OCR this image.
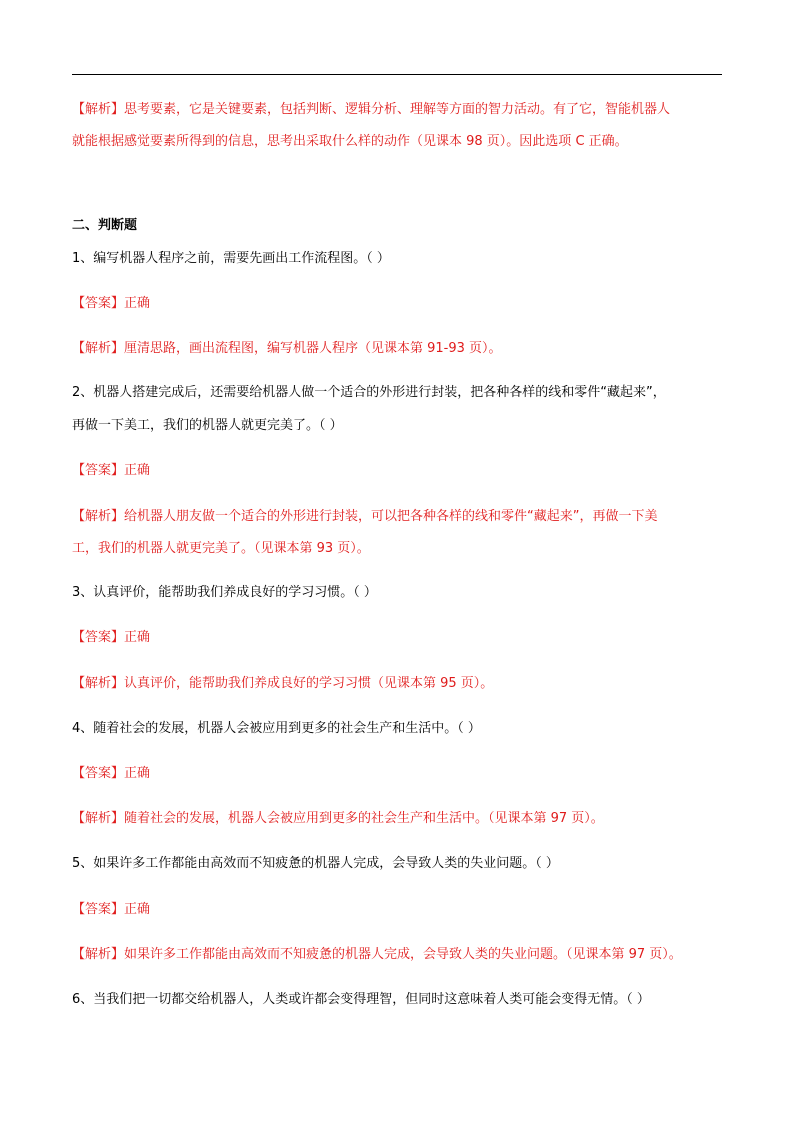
【解析】思考要素，它是关键要素，包括判断、逻辑分析、理解等方面的智力活动。有了它，智能机器人
就能根据感觉要素所得到的信息，思考出采取什么样的动作（见课本 98 页）。因此选项 C 正确。
二、判断题
1、编写机器人程序之前，需要先画出工作流程图。（ ）
【答案】正确
【解析】厘清思路，画出流程图，编写机器人程序（见课本第 91-93 页）。
2、机器人搭建完成后，还需要给机器人做一个适合的外形进行封装，把各种各样的线和零件“藏起来”，
再做一下美工，我们的机器人就更完美了。（ ）
【答案】正确
【解析】给机器人朋友做一个适合的外形进行封装，可以把各种各样的线和零件“藏起来”，再做一下美
工，我们的机器人就更完美了。（见课本第 93 页）。
3、认真评价，能帮助我们养成良好的学习习惯。（ ）
【答案】正确
【解析】认真评价，能帮助我们养成良好的学习习惯（见课本第 95 页）。
4、随着社会的发展，机器人会被应用到更多的社会生产和生活中。（ ）
【答案】正确
【解析】随着社会的发展，机器人会被应用到更多的社会生产和生活中。（见课本第 97 页）。
5、如果许多工作都能由高效而不知疲惫的机器人完成，会导致人类的失业问题。（ ）
【答案】正确
【解析】如果许多工作都能由高效而不知疲惫的机器人完成，会导致人类的失业问题。（见课本第 97 页）。
6、当我们把一切都交给机器人，人类或许都会变得理智，但同时这意味着人类可能会变得无情。（ ）
